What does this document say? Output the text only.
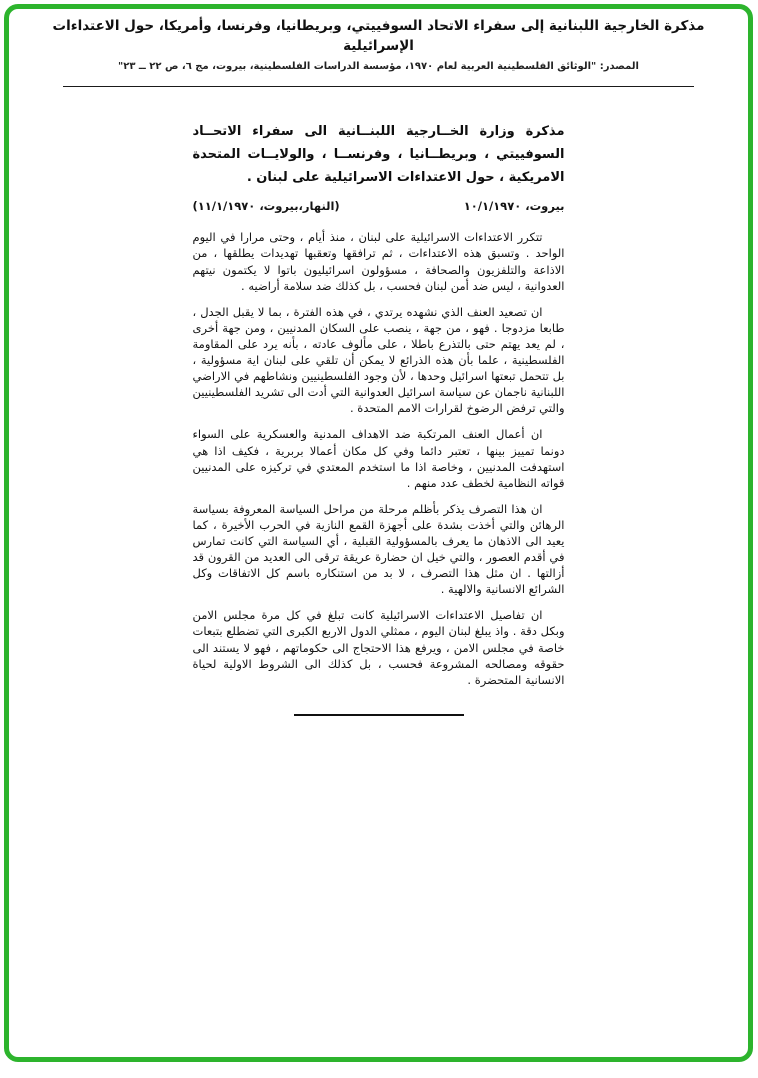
مذكرة الخارجية اللبنانية إلى سفراء الاتحاد السوفييتي، وبريطانيا، وفرنسا، وأمريكا، حول الاعتداءات الإسرائيلية
المصدر: "الوثائق الفلسطينية العربية لعام ١٩٧٠، مؤسسة الدراسات الفلسطينية، بيروت، مج ٦، ص ٢٢ ــ ٢٣"
مذكرة وزارة الخــارجية اللبنــانية الى سفراء الاتحــاد السوفييتي ، وبريطــانيا ، وفرنســا ، والولايــات المتحدة الامريكية ، حول الاعتداءات الاسرائيلية على لبنان .
بيروت، ١٠/١/١٩٧٠
(النهار،بيروت، ١١/١/١٩٧٠)

تتكرر الاعتداءات الاسرائيلية على لبنان ، منذ أيام ، وحتى مرارا في اليوم الواحد . وتسبق هذه الاعتداءات ، ثم ترافقها وتعقبها تهديدات يطلقها ، من الاذاعة والتلفزيون والصحافة ، مسؤولون اسرائيليون باتوا لا يكتمون نيتهم العدوانية ، ليس ضد أمن لبنان فحسب ، بل كذلك ضد سلامة أراضيه .

ان تصعيد العنف الذي نشهده يرتدي ، في هذه الفترة ، بما لا يقبل الجدل ، طابعا مزدوجا . فهو ، من جهة ، ينصب على السكان المدنيين ، ومن جهة أخرى ، لم يعد يهتم حتى بالتذرع باطلا ، على مألوف عادته ، بأنه يرد على المقاومة الفلسطينية ، علما بأن هذه الذرائع لا يمكن أن تلقي على لبنان اية مسؤولية ، بل تتحمل تبعتها اسرائيل وحدها ، لأن وجود الفلسطينيين ونشاطهم في الاراضي اللبنانية ناجمان عن سياسة اسرائيل العدوانية التي أدت الى تشريد الفلسطينيين والتي ترفض الرضوخ لقرارات الامم المتحدة .

ان أعمال العنف المرتكبة ضد الاهداف المدنية والعسكرية على السواء دونما تمييز بينها ، تعتبر دائما وفي كل مكان أعمالا بربرية ، فكيف اذا هي استهدفت المدنيين ، وخاصة اذا ما استخدم المعتدي في تركيزه على المدنيين قواته النظامية لخطف عدد منهم .

ان هذا التصرف يذكر بأظلم مرحلة من مراحل السياسة المعروفة بسياسة الرهائن والتي أخذت بشدة على أجهزة القمع النازية في الحرب الأخيرة ، كما يعيد الى الاذهان ما يعرف بالمسؤولية القبلية ، أي السياسة التي كانت تمارس في أقدم العصور ، والتي خيل ان حضارة عريقة ترقى الى العديد من القرون قد أزالتها . ان مثل هذا التصرف ، لا بد من استنكاره باسم كل الاتفاقات وكل الشرائع الانسانية والالهية .

ان تفاصيل الاعتداءات الاسرائيلية كانت تبلغ في كل مرة مجلس الامن وبكل دقة . واذ يبلغ لبنان اليوم ، ممثلي الدول الاربع الكبرى التي تضطلع بتبعات خاصة في مجلس الامن ، ويرفع هذا الاحتجاج الى حكوماتهم ، فهو لا يستند الى حقوقه ومصالحه المشروعة فحسب ، بل كذلك الى الشروط الاولية لحياة الانسانية المتحضرة .
